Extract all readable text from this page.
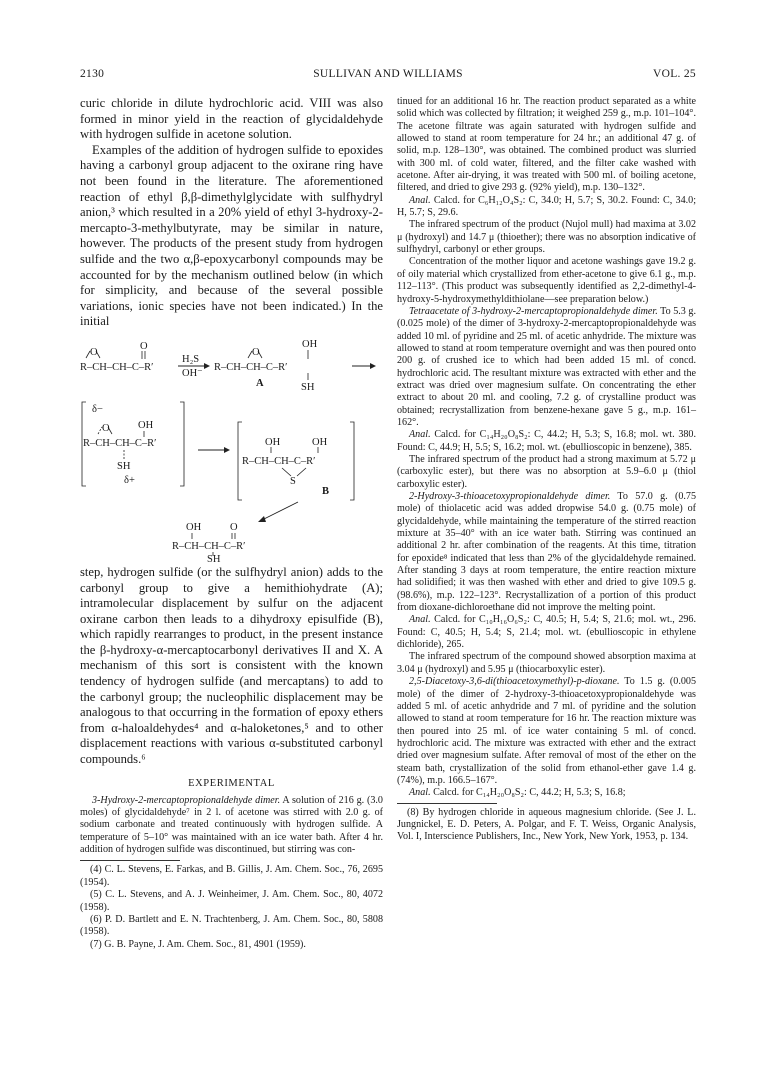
2130	SULLIVAN AND WILLIAMS	VOL. 25

curic chloride in dilute hydrochloric acid. VIII was also formed in minor yield in the reaction of glycidaldehyde with hydrogen sulfide in acetone solution.

Examples of the addition of hydrogen sulfide to epoxides having a carbonyl group adjacent to the oxirane ring have not been found in the literature. The aforementioned reaction of ethyl β,β-dimethylglycidate with sulfhydryl anion,³ which resulted in a 20% yield of ethyl 3-hydroxy-2-mercapto-3-methylbutyrate, may be similar in nature, however. The products of the present study from hydrogen sulfide and the two α,β-epoxycarbonyl compounds may be accounted for by the mechanism outlined below (in which for simplicity, and because of the several possible variations, ionic species have not been indicated.) In the initial

O
O
R–CH–CH–C–R′
H₂S
OH⁻
O
OH
R–CH–CH–C–R′
SH
A
δ−
O	OH
R–CH–CH–C–R′
SH
δ+
OH	OH
R–CH–CH–C–R′
S
B
OH	O
R–CH–CH–C–R′
SH

step, hydrogen sulfide (or the sulfhydryl anion) adds to the carbonyl group to give a hemithiohydrate (A); intramolecular displacement by sulfur on the adjacent oxirane carbon then leads to a dihydroxy episulfide (B), which rapidly rearranges to product, in the present instance the β-hydroxy-α-mercaptocarbonyl derivatives II and X. A mechanism of this sort is consistent with the known tendency of hydrogen sulfide (and mercaptans) to add to the carbonyl group; the nucleophilic displacement may be analogous to that occurring in the formation of epoxy ethers from α-haloaldehydes⁴ and α-haloketones,⁵ and to other displacement reactions with various α-substituted carbonyl compounds.⁶

EXPERIMENTAL

3-Hydroxy-2-mercaptopropionaldehyde dimer. A solution of 216 g. (3.0 moles) of glycidaldehyde⁷ in 2 l. of acetone was stirred with 2.0 g. of sodium carbonate and treated continuously with hydrogen sulfide. A temperature of 5–10° was maintained with an ice water bath. After 4 hr. addition of hydrogen sulfide was discontinued, but stirring was con-

(4) C. L. Stevens, E. Farkas, and B. Gillis, J. Am. Chem. Soc., 76, 2695 (1954).

(5) C. L. Stevens, and A. J. Weinheimer, J. Am. Chem. Soc., 80, 4072 (1958).

(6) P. D. Bartlett and E. N. Trachtenberg, J. Am. Chem. Soc., 80, 5808 (1958).

(7) G. B. Payne, J. Am. Chem. Soc., 81, 4901 (1959).

tinued for an additional 16 hr. The reaction product separated as a white solid which was collected by filtration; it weighed 259 g., m.p. 101–104°. The acetone filtrate was again saturated with hydrogen sulfide and allowed to stand at room temperature for 24 hr.; an additional 47 g. of solid, m.p. 128–130°, was obtained. The combined product was slurried with 300 ml. of cold water, filtered, and the filter cake washed with acetone. After air-drying, it was treated with 500 ml. of boiling acetone, filtered, and dried to give 293 g. (92% yield), m.p. 130–132°.

Anal. Calcd. for C₆H₁₂O₄S₂: C, 34.0; H, 5.7; S, 30.2. Found: C, 34.0; H, 5.7; S, 29.6.

The infrared spectrum of the product (Nujol mull) had maxima at 3.02 μ (hydroxyl) and 14.7 μ (thioether); there was no absorption indicative of sulfhydryl, carbonyl or ether groups.

Concentration of the mother liquor and acetone washings gave 19.2 g. of oily material which crystallized from ether-acetone to give 6.1 g., m.p. 112–113°. (This product was subsequently identified as 2,2-dimethyl-4-hydroxy-5-hydroxymethyldithiolane—see preparation below.)

Tetraacetate of 3-hydroxy-2-mercaptopropionaldehyde dimer. To 5.3 g. (0.025 mole) of the dimer of 3-hydroxy-2-mercaptopropionaldehyde was added 10 ml. of pyridine and 25 ml. of acetic anhydride. The mixture was allowed to stand at room temperature overnight and was then poured onto 200 g. of crushed ice to which had been added 15 ml. of concd. hydrochloric acid. The resultant mixture was extracted with ether and the extract was dried over magnesium sulfate. On concentrating the ether extract to about 20 ml. and cooling, 7.2 g. of crystalline product was obtained; recrystallization from benzene-hexane gave 5 g., m.p. 161–162°.

Anal. Calcd. for C₁₄H₂₀O₈S₂: C, 44.2; H, 5.3; S, 16.8; mol. wt. 380. Found: C, 44.9; H, 5.5; S, 16.2; mol. wt. (ebullioscopic in benzene), 385.

The infrared spectrum of the product had a strong maximum at 5.72 μ (carboxylic ester), but there was no absorption at 5.9–6.0 μ (thiol carboxylic ester).

2-Hydroxy-3-thioacetoxypropionaldehyde dimer. To 57.0 g. (0.75 mole) of thiolacetic acid was added dropwise 54.0 g. (0.75 mole) of glycidaldehyde, while maintaining the temperature of the stirred reaction mixture at 35–40° with an ice water bath. Stirring was continued an additional 2 hr. after combination of the reagents. At this time, titration for epoxide⁸ indicated that less than 2% of the glycidaldehyde remained. After standing 3 days at room temperature, the entire reaction mixture had solidified; it was then washed with ether and dried to give 109.5 g. (98.6%), m.p. 122–123°. Recrystallization of a portion of this product from dioxane-dichloroethane did not improve the melting point.

Anal. Calcd. for C₁₀H₁₆O₆S₂: C, 40.5; H, 5.4; S, 21.6; mol. wt., 296. Found: C, 40.5; H, 5.4; S, 21.4; mol. wt. (ebullioscopic in ethylene dichloride), 265.

The infrared spectrum of the compound showed absorption maxima at 3.04 μ (hydroxyl) and 5.95 μ (thiocarboxylic ester).

2,5-Diacetoxy-3,6-di(thioacetoxymethyl)-p-dioxane. To 1.5 g. (0.005 mole) of the dimer of 2-hydroxy-3-thioacetoxypropionaldehyde was added 5 ml. of acetic anhydride and 7 ml. of pyridine and the solution allowed to stand at room temperature for 16 hr. The reaction mixture was then poured into 25 ml. of ice water containing 5 ml. of concd. hydrochloric acid. The mixture was extracted with ether and the extract dried over magnesium sulfate. After removal of most of the ether on the steam bath, crystallization of the solid from ethanol-ether gave 1.4 g. (74%), m.p. 166.5–167°.

Anal. Calcd. for C₁₄H₂₀O₈S₂: C, 44.2; H, 5.3; S, 16.8;

(8) By hydrogen chloride in aqueous magnesium chloride. (See J. L. Jungnickel, E. D. Peters, A. Polgar, and F. T. Weiss, Organic Analysis, Vol. I, Interscience Publishers, Inc., New York, New York, 1953, p. 134.
